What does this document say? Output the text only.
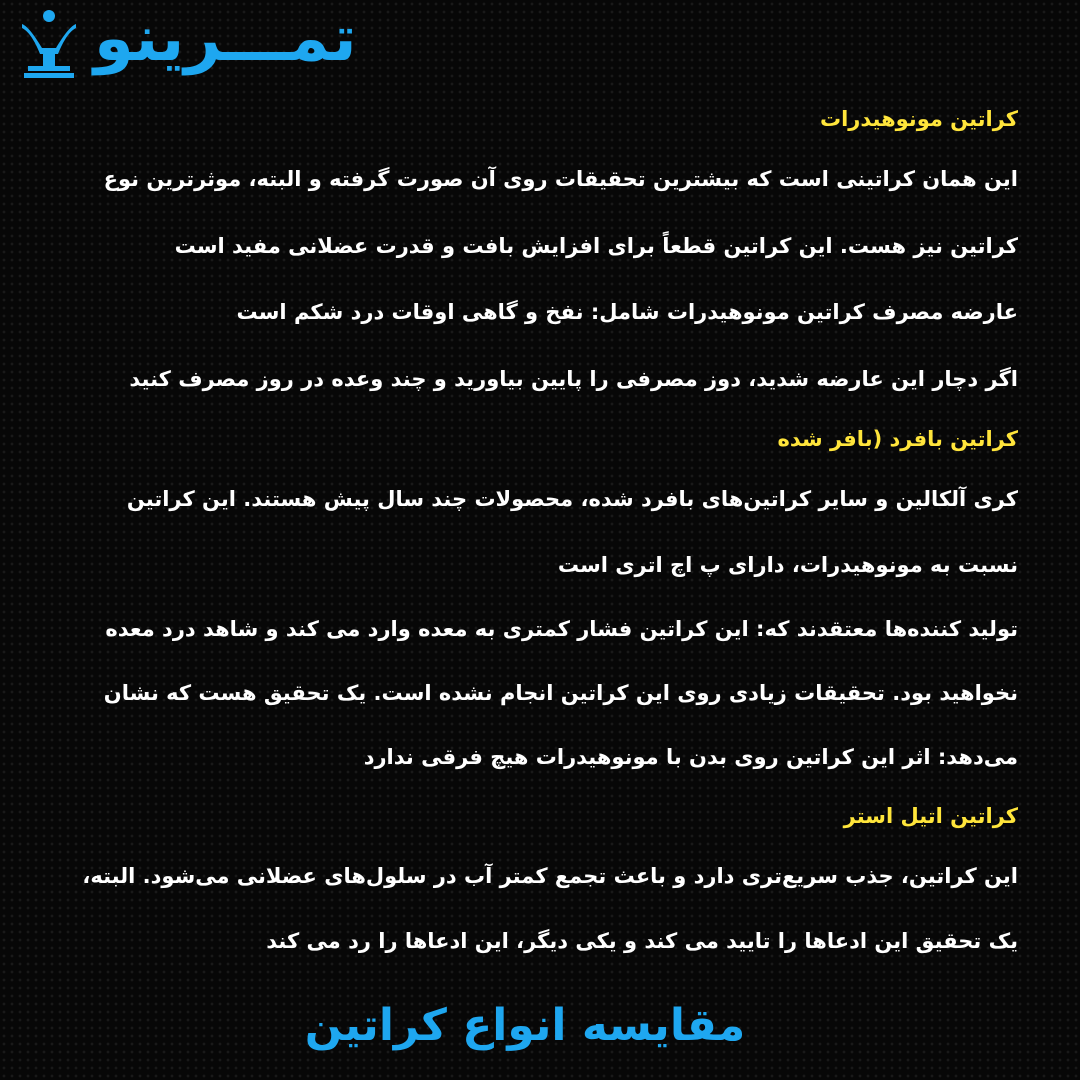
تمـــرینو
کراتین مونوهیدرات
این همان کراتینی است که بیشترین تحقیقات روی آن صورت گرفته و البته، موثرترین نوع
کراتین نیز هست. این کراتین قطعاً برای افزایش بافت و قدرت عضلانی مفید است
عارضه مصرف کراتین مونوهیدرات شامل: نفخ و گاهی اوقات درد شکم است
اگر دچار این عارضه شدید، دوز مصرفی را پایین بیاورید و چند وعده در روز مصرف کنید
کراتین بافرد (بافر شده
کری آلکالین و سایر کراتین‌های بافرد شده، محصولات چند سال پیش هستند. این کراتین
نسبت به مونوهیدرات، دارای پ اچ اتری است
تولید کننده‌ها معتقدند که: این کراتین فشار کمتری به معده وارد می کند و شاهد درد معده
نخواهید بود. تحقیقات زیادی روی این کراتین انجام نشده است. یک تحقیق هست که نشان
می‌دهد: اثر این کراتین روی بدن با مونوهیدرات هیچ فرقی ندارد
کراتین اتیل استر
این کراتین، جذب سریع‌تری دارد و باعث تجمع کمتر آب در سلول‌های عضلانی می‌شود. البته،
یک تحقیق این ادعاها را تایید می کند و یکی دیگر، این ادعاها را رد می کند
مقایسه انواع کراتین
